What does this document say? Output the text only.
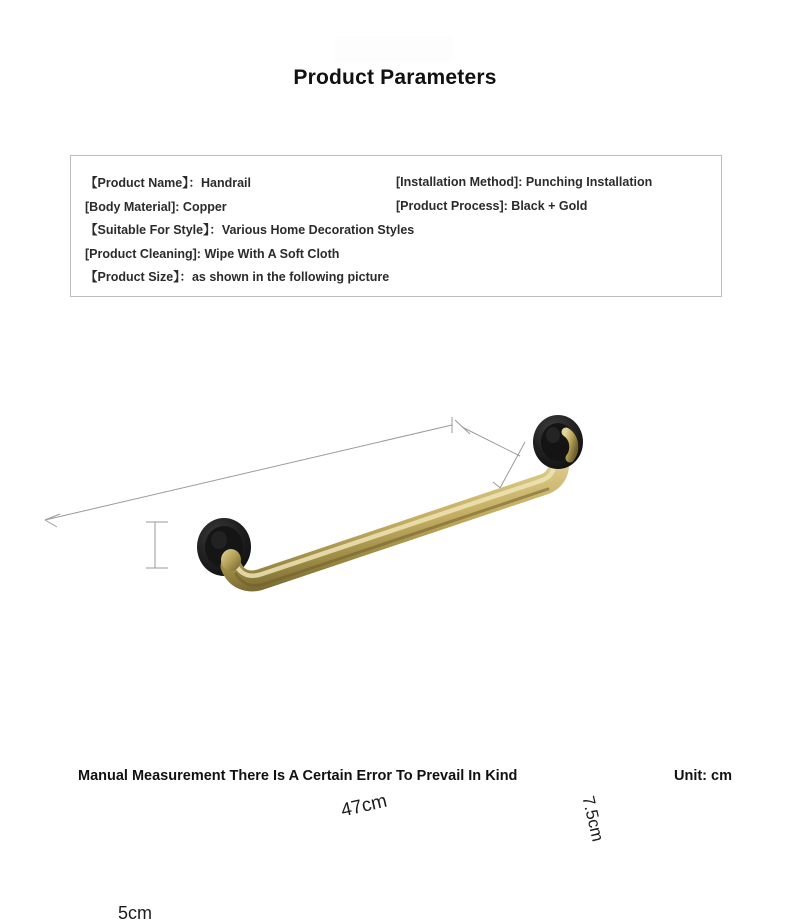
Product Parameters
【Product Name】：Handrail
[Body Material]: Copper
【Suitable For Style】：Various Home Decoration Styles
[Product Cleaning]: Wipe With A Soft Cloth
【Product Size】：as shown in the following picture
[Installation Method]: Punching Installation
[Product Process]: Black + Gold
47cm	7.5cm
5cm
Manual Measurement There Is A Certain Error To Prevail In Kind	Unit: cm
